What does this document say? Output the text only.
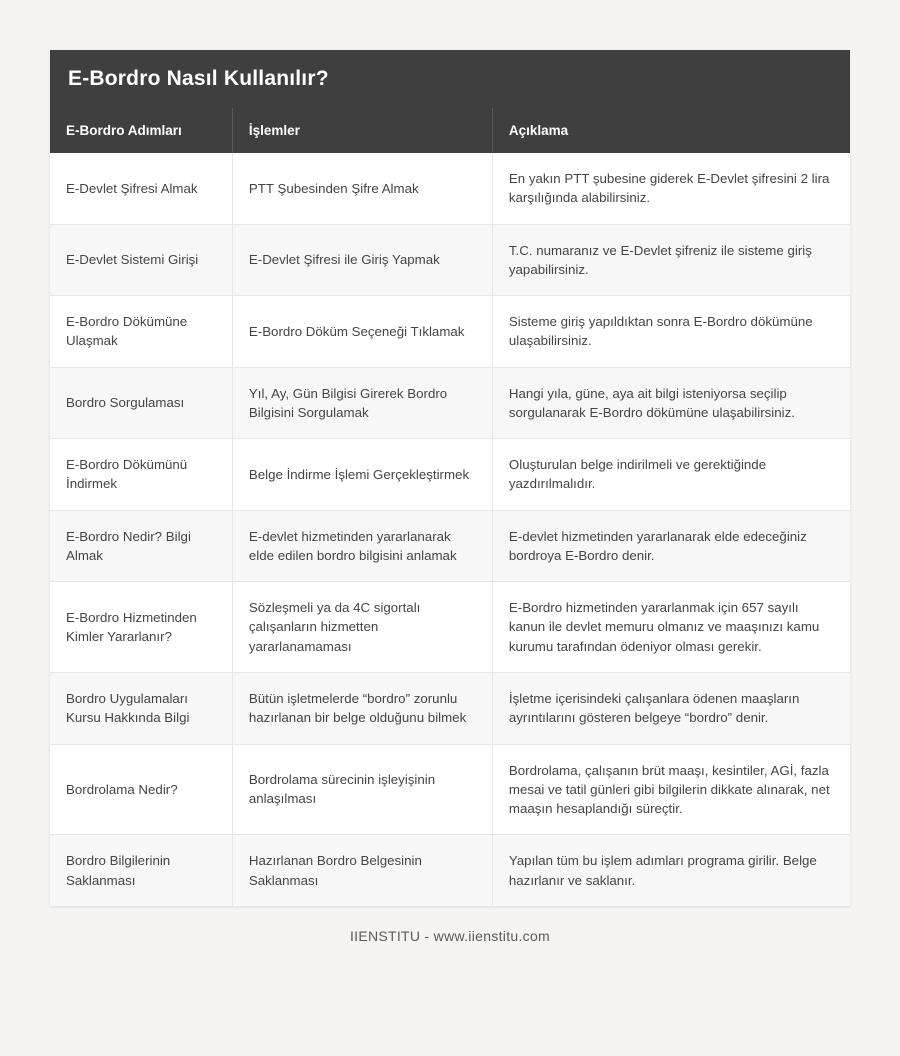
E-Bordro Nasıl Kullanılır?
E-Bordro Adımları	İşlemler	Açıklama
E-Devlet Şifresi Almak	PTT Şubesinden Şifre Almak	En yakın PTT şubesine giderek E-Devlet şifresini 2 lira karşılığında alabilirsiniz.
E-Devlet Sistemi Girişi	E-Devlet Şifresi ile Giriş Yapmak	T.C. numaranız ve E-Devlet şifreniz ile sisteme giriş yapabilirsiniz.
E-Bordro Dökümüne Ulaşmak	E-Bordro Döküm Seçeneği Tıklamak	Sisteme giriş yapıldıktan sonra E-Bordro dökümüne ulaşabilirsiniz.
Bordro Sorgulaması	Yıl, Ay, Gün Bilgisi Girerek Bordro Bilgisini Sorgulamak	Hangi yıla, güne, aya ait bilgi isteniyorsa seçilip sorgulanarak E-Bordro dökümüne ulaşabilirsiniz.
E-Bordro Dökümünü İndirmek	Belge İndirme İşlemi Gerçekleştirmek	Oluşturulan belge indirilmeli ve gerektiğinde yazdırılmalıdır.
E-Bordro Nedir? Bilgi Almak	E-devlet hizmetinden yararlanarak elde edilen bordro bilgisini anlamak	E-devlet hizmetinden yararlanarak elde edeceğiniz bordroya E-Bordro denir.
E-Bordro Hizmetinden Kimler Yararlanır?	Sözleşmeli ya da 4C sigortalı çalışanların hizmetten yararlanamaması	E-Bordro hizmetinden yararlanmak için 657 sayılı kanun ile devlet memuru olmanız ve maaşınızı kamu kurumu tarafından ödeniyor olması gerekir.
Bordro Uygulamaları Kursu Hakkında Bilgi	Bütün işletmelerde “bordro” zorunlu hazırlanan bir belge olduğunu bilmek	İşletme içerisindeki çalışanlara ödenen maaşların ayrıntılarını gösteren belgeye “bordro” denir.
Bordrolama Nedir?	Bordrolama sürecinin işleyişinin anlaşılması	Bordrolama, çalışanın brüt maaşı, kesintiler, AGİ, fazla mesai ve tatil günleri gibi bilgilerin dikkate alınarak, net maaşın hesaplandığı süreçtir.
Bordro Bilgilerinin Saklanması	Hazırlanan Bordro Belgesinin Saklanması	Yapılan tüm bu işlem adımları programa girilir. Belge hazırlanır ve saklanır.
IIENSTITU - www.iienstitu.com
